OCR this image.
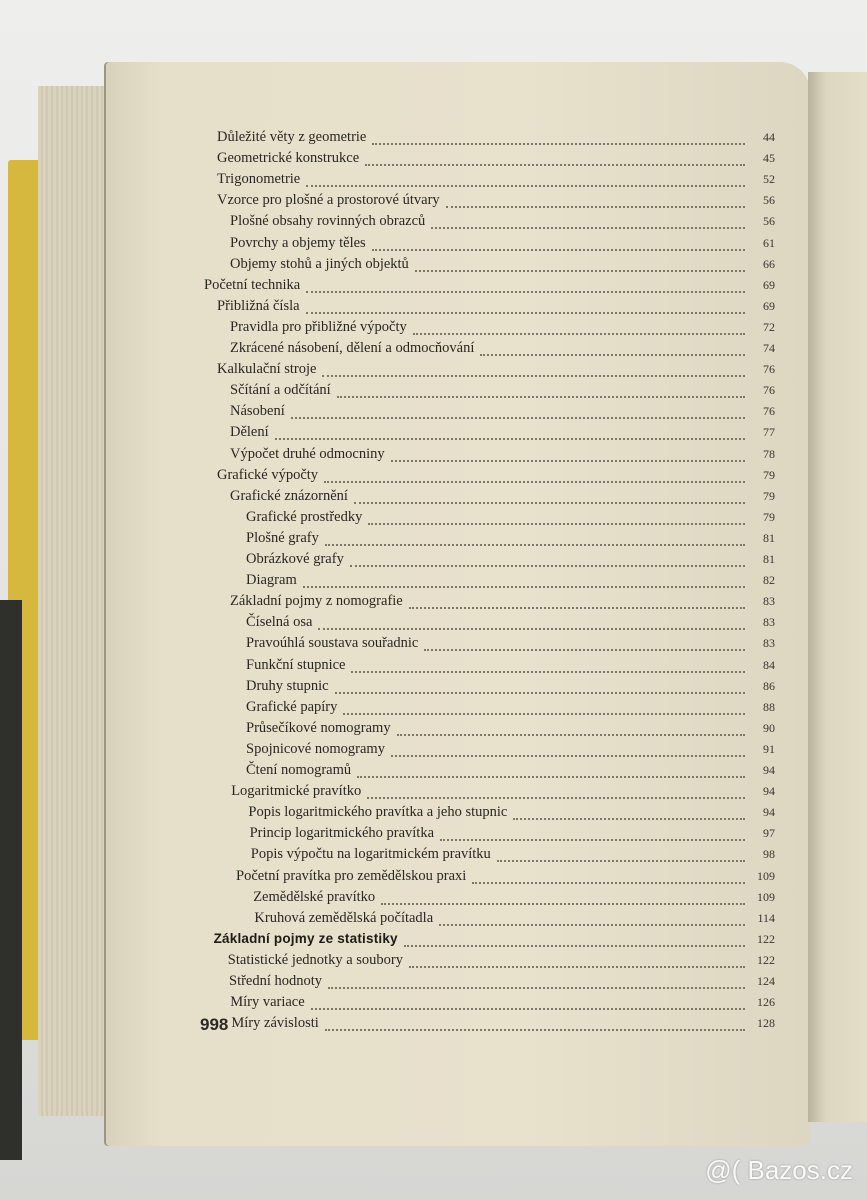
Důležité věty z geometrie	44
Geometrické konstrukce	45
Trigonometrie	52
Vzorce pro plošné a prostorové útvary	56
Plošné obsahy rovinných obrazců	56
Povrchy a objemy těles	61
Objemy stohů a jiných objektů	66
Početní technika	69
Přibližná čísla	69
Pravidla pro přibližné výpočty	72
Zkrácené násobení, dělení a odmocňování	74
Kalkulační stroje	76
Sčítání a odčítání	76
Násobení	76
Dělení	77
Výpočet druhé odmocniny	78
Grafické výpočty	79
Grafické znázornění	79
Grafické prostředky	79
Plošné grafy	81
Obrázkové grafy	81
Diagram	82
Základní pojmy z nomografie	83
Číselná osa	83
Pravoúhlá soustava souřadnic	83
Funkční stupnice	84
Druhy stupnic	86
Grafické papíry	88
Průsečíkové nomogramy	90
Spojnicové nomogramy	91
Čtení nomogramů	94
Logaritmické pravítko	94
Popis logaritmického pravítka a jeho stupnic	94
Princip logaritmického pravítka	97
Popis výpočtu na logaritmickém pravítku	98
Početní pravítka pro zemědělskou praxi	109
Zemědělské pravítko	109
Kruhová zemědělská počítadla	114
Základní pojmy ze statistiky	122
Statistické jednotky a soubory	122
Střední hodnoty	124
Míry variace	126
Míry závislosti	128
998
@( Bazos.cz
